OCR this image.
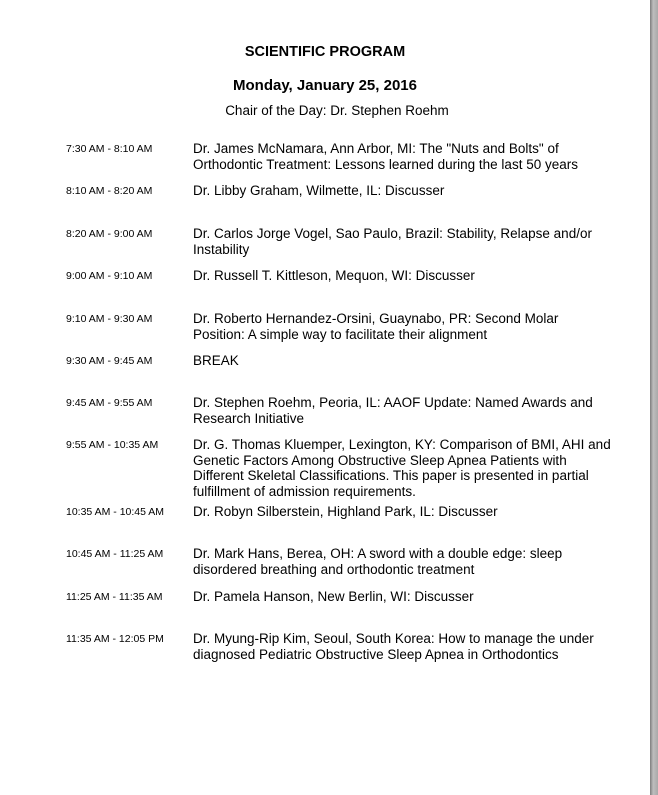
SCIENTIFIC PROGRAM
Monday, January 25, 2016
Chair of the Day: Dr. Stephen Roehm
7:30 AM - 8:10 AM	Dr. James McNamara, Ann Arbor, MI: The "Nuts and Bolts" of Orthodontic Treatment: Lessons learned during the last 50 years
8:10 AM - 8:20 AM	Dr. Libby Graham, Wilmette, IL: Discusser
8:20 AM - 9:00 AM	Dr. Carlos Jorge Vogel, Sao Paulo, Brazil: Stability, Relapse and/or Instability
9:00 AM - 9:10 AM	Dr. Russell T. Kittleson, Mequon, WI: Discusser
9:10 AM - 9:30 AM	Dr. Roberto Hernandez-Orsini, Guaynabo, PR: Second Molar Position: A simple way to facilitate their alignment
9:30 AM - 9:45 AM	BREAK
9:45 AM - 9:55 AM	Dr. Stephen Roehm, Peoria, IL: AAOF Update: Named Awards and Research Initiative
9:55 AM - 10:35 AM	Dr. G. Thomas Kluemper, Lexington, KY: Comparison of BMI, AHI and Genetic Factors Among Obstructive Sleep Apnea Patients with Different Skeletal Classifications. This paper is presented in partial fulfillment of admission requirements.
10:35 AM - 10:45 AM Dr. Robyn Silberstein, Highland Park, IL: Discusser
10:45 AM - 11:25 AM Dr. Mark Hans, Berea, OH: A sword with a double edge: sleep disordered breathing and orthodontic treatment
11:25 AM - 11:35 AM Dr. Pamela Hanson, New Berlin, WI: Discusser
11:35 AM - 12:05 PM Dr. Myung-Rip Kim, Seoul, South Korea: How to manage the under diagnosed Pediatric Obstructive Sleep Apnea in Orthodontics
